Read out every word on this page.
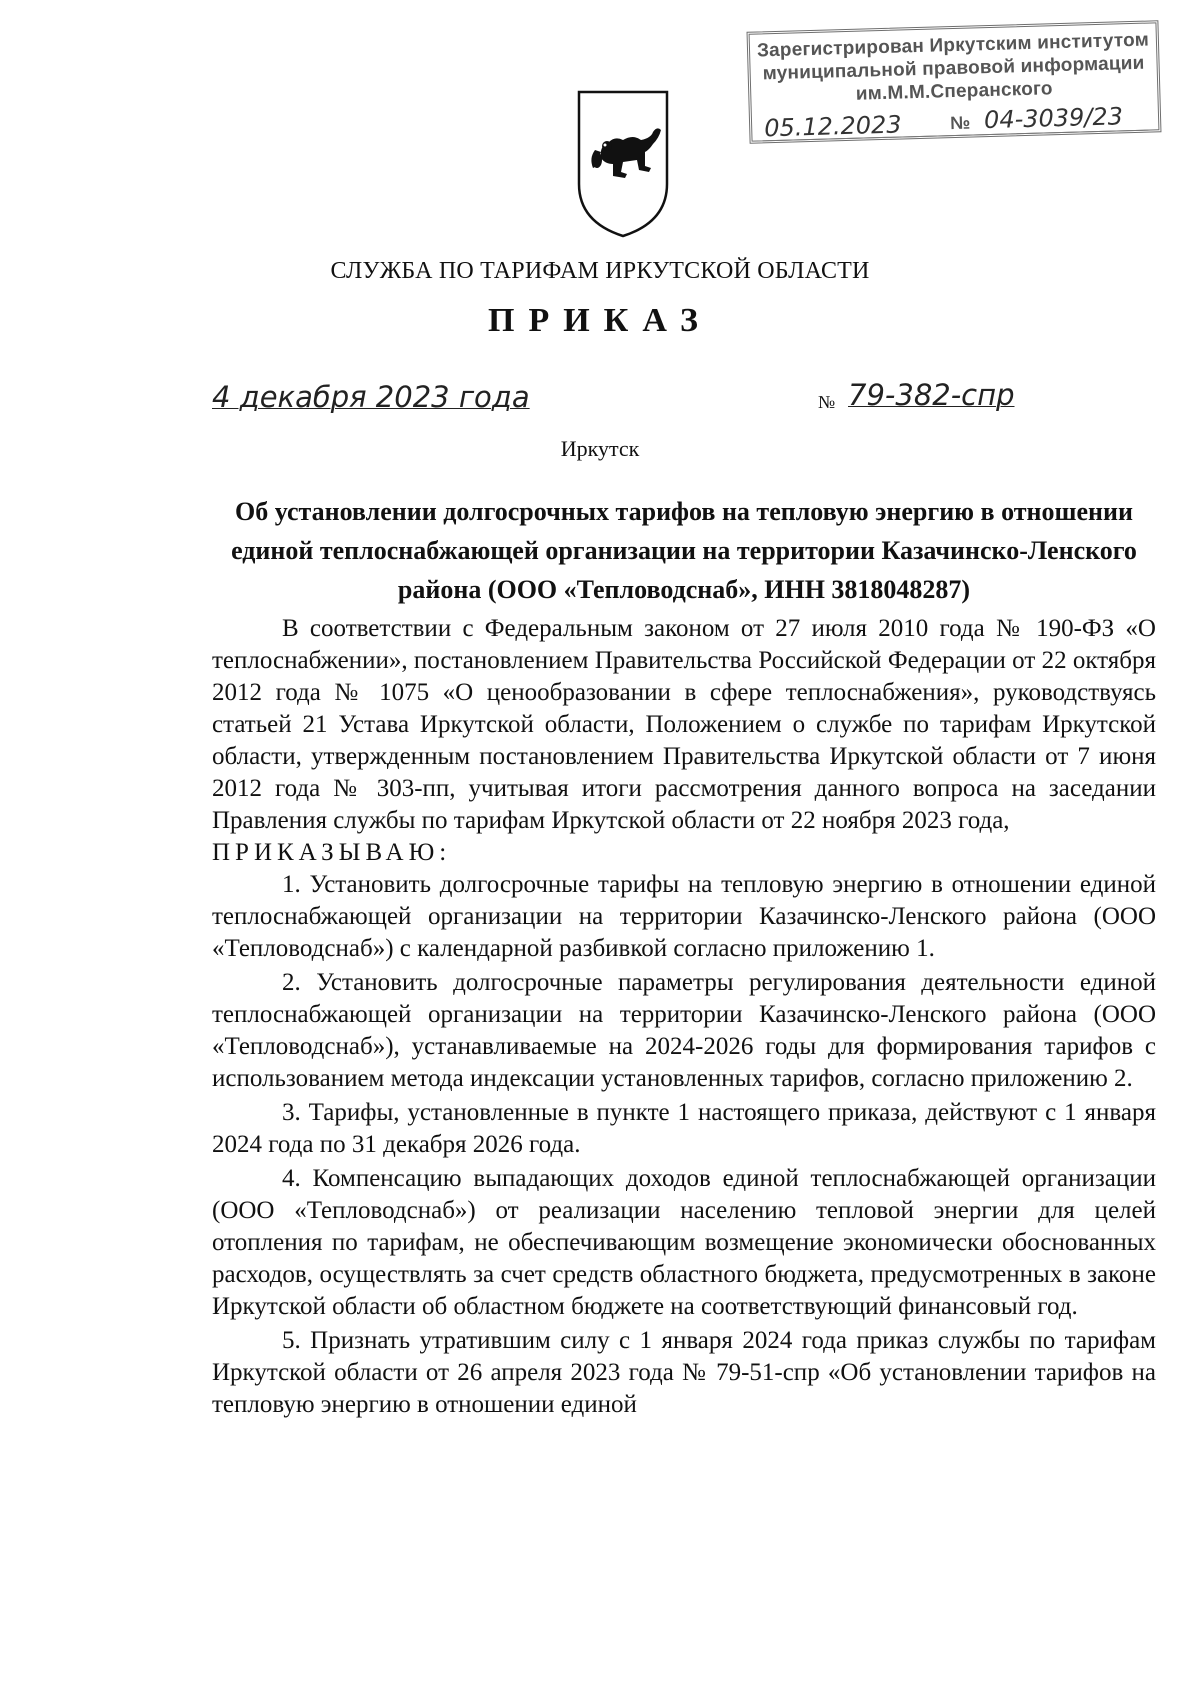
Зарегистрирован Иркутским институтом
муниципальной правовой информации
им.М.М.Сперанского
05.12.2023	№ 04-3039/23
СЛУЖБА ПО ТАРИФАМ ИРКУТСКОЙ ОБЛАСТИ
ПРИКАЗ
4 декабря 2023 года	№ 79-382-спр
Иркутск
Об установлении долгосрочных тарифов на тепловую энергию в отношении единой теплоснабжающей организации на территории Казачинско-Ленского района (ООО «Тепловодснаб», ИНН 3818048287)

В соответствии с Федеральным законом от 27 июля 2010 года № 190-ФЗ «О теплоснабжении», постановлением Правительства Российской Федерации от 22 октября 2012 года № 1075 «О ценообразовании в сфере теплоснабжения», руководствуясь статьей 21 Устава Иркутской области, Положением о службе по тарифам Иркутской области, утвержденным постановлением Правительства Иркутской области от 7 июня 2012 года № 303-пп, учитывая итоги рассмотрения данного вопроса на заседании Правления службы по тарифам Иркутской области от 22 ноября 2023 года,

ПРИКАЗЫВАЮ:

1. Установить долгосрочные тарифы на тепловую энергию в отношении единой теплоснабжающей организации на территории Казачинско-Ленского района (ООО «Тепловодснаб») с календарной разбивкой согласно приложению 1.

2. Установить долгосрочные параметры регулирования деятельности единой теплоснабжающей организации на территории Казачинско-Ленского района (ООО «Тепловодснаб»), устанавливаемые на 2024-2026 годы для формирования тарифов с использованием метода индексации установленных тарифов, согласно приложению 2.

3. Тарифы, установленные в пункте 1 настоящего приказа, действуют с 1 января 2024 года по 31 декабря 2026 года.

4. Компенсацию выпадающих доходов единой теплоснабжающей организации (ООО «Тепловодснаб») от реализации населению тепловой энергии для целей отопления по тарифам, не обеспечивающим возмещение экономически обоснованных расходов, осуществлять за счет средств областного бюджета, предусмотренных в законе Иркутской области об областном бюджете на соответствующий финансовый год.

5. Признать утратившим силу с 1 января 2024 года приказ службы по тарифам Иркутской области от 26 апреля 2023 года № 79-51-спр «Об установлении тарифов на тепловую энергию в отношении единой
